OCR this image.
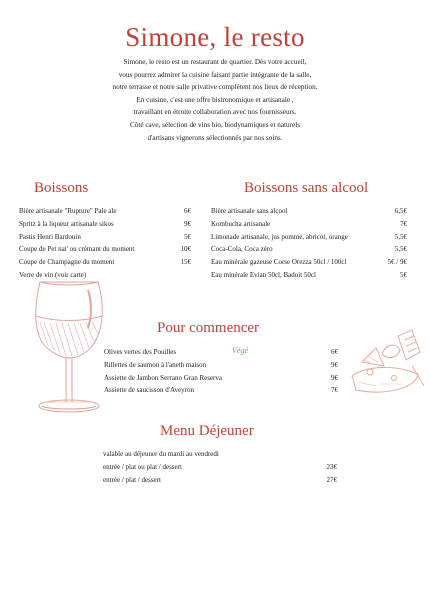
Simone, le resto
Simone, le resto est un restaurant de quartier. Dès votre accueil,
vous pourrez admirer la cuisine faisant partie intégrante de la salle,
notre terrasse et notre salle privative complètent nos lieux de réception.
En cuisine, c'est une offre bistronomique et artisanale ,
travaillant en étroite collaboration avec nos fournisseurs.
Côté cave, sélection de vins bio, biodynamiques et naturels
d'artisans vignerons sélectionnés par nos soins.
Boissons
Bière artisanale "Rupture" Pale ale	6€
Spritz à la liqueur artisanale sikos	9€
Pastis Henri Bardouin	5€
Coupe de Pet nat' ou crémant du moment	10€
Coupe de Champagne du moment	15€
Verre de vin (voir carte)
Boissons sans alcool
Bière artisanale sans alcool	6,5€
Kombucha artisanale	7€
Limonade artisanale, jus pomme, abricot, orange	5,5€
Coca-Cola, Coca zéro	5,5€
Eau minérale gazeuse Corse Orezza 50cl / 100cl	5€ / 9€
Eau minérale Evian 50cl, Badoit 50cl	5€
Pour commencer
Végé
Olives vertes des Pouilles	6€
Rillettes de saumon à l'aneth maison	9€
Assiette de Jambon Serrano Gran Reserva	9€
Assiette de saucisson d'Aveyron	7€
Menu Déjeuner
valable au déjeuner du mardi au vendredi
entrée / plat ou plat / dessert	23€
entrée / plat / dessert	27€
